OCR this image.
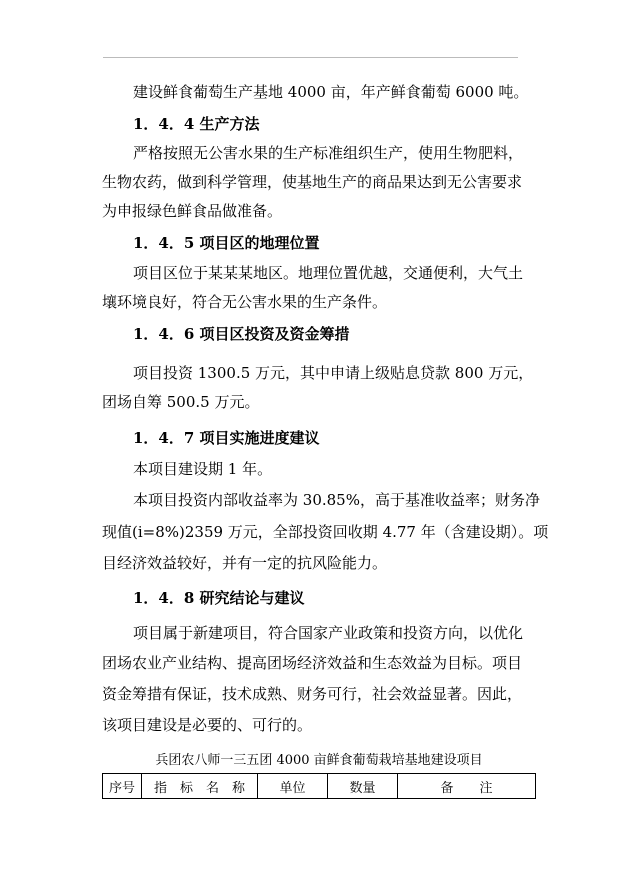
建设鲜食葡萄生产基地 4000 亩，年产鲜食葡萄 6000 吨。
1．4．4 生产方法
严格按照无公害水果的生产标准组织生产，使用生物肥料，
生物农药，做到科学管理，使基地生产的商品果达到无公害要求
为申报绿色鲜食品做准备。
1．4．5 项目区的地理位置
项目区位于某某某地区。地理位置优越，交通便利，大气土
壤环境良好，符合无公害水果的生产条件。
1．4．6 项目区投资及资金筹措
项目投资 1300.5 万元，其中申请上级贴息贷款 800 万元，
团场自筹 500.5 万元。
1．4．7 项目实施进度建议
本项目建设期 1 年。
本项目投资内部收益率为 30.85%，高于基准收益率；财务净
现值(i=8%)2359 万元，全部投资回收期 4.77 年（含建设期）。项
目经济效益较好，并有一定的抗风险能力。
1．4．8 研究结论与建议
项目属于新建项目，符合国家产业政策和投资方向，以优化
团场农业产业结构、提高团场经济效益和生态效益为目标。项目
资金筹措有保证，技术成熟、财务可行，社会效益显著。因此，
该项目建设是必要的、可行的。
兵团农八师一三五团 4000 亩鲜食葡萄栽培基地建设项目
序号	指　标　名　称	单位	数量	备　　注
